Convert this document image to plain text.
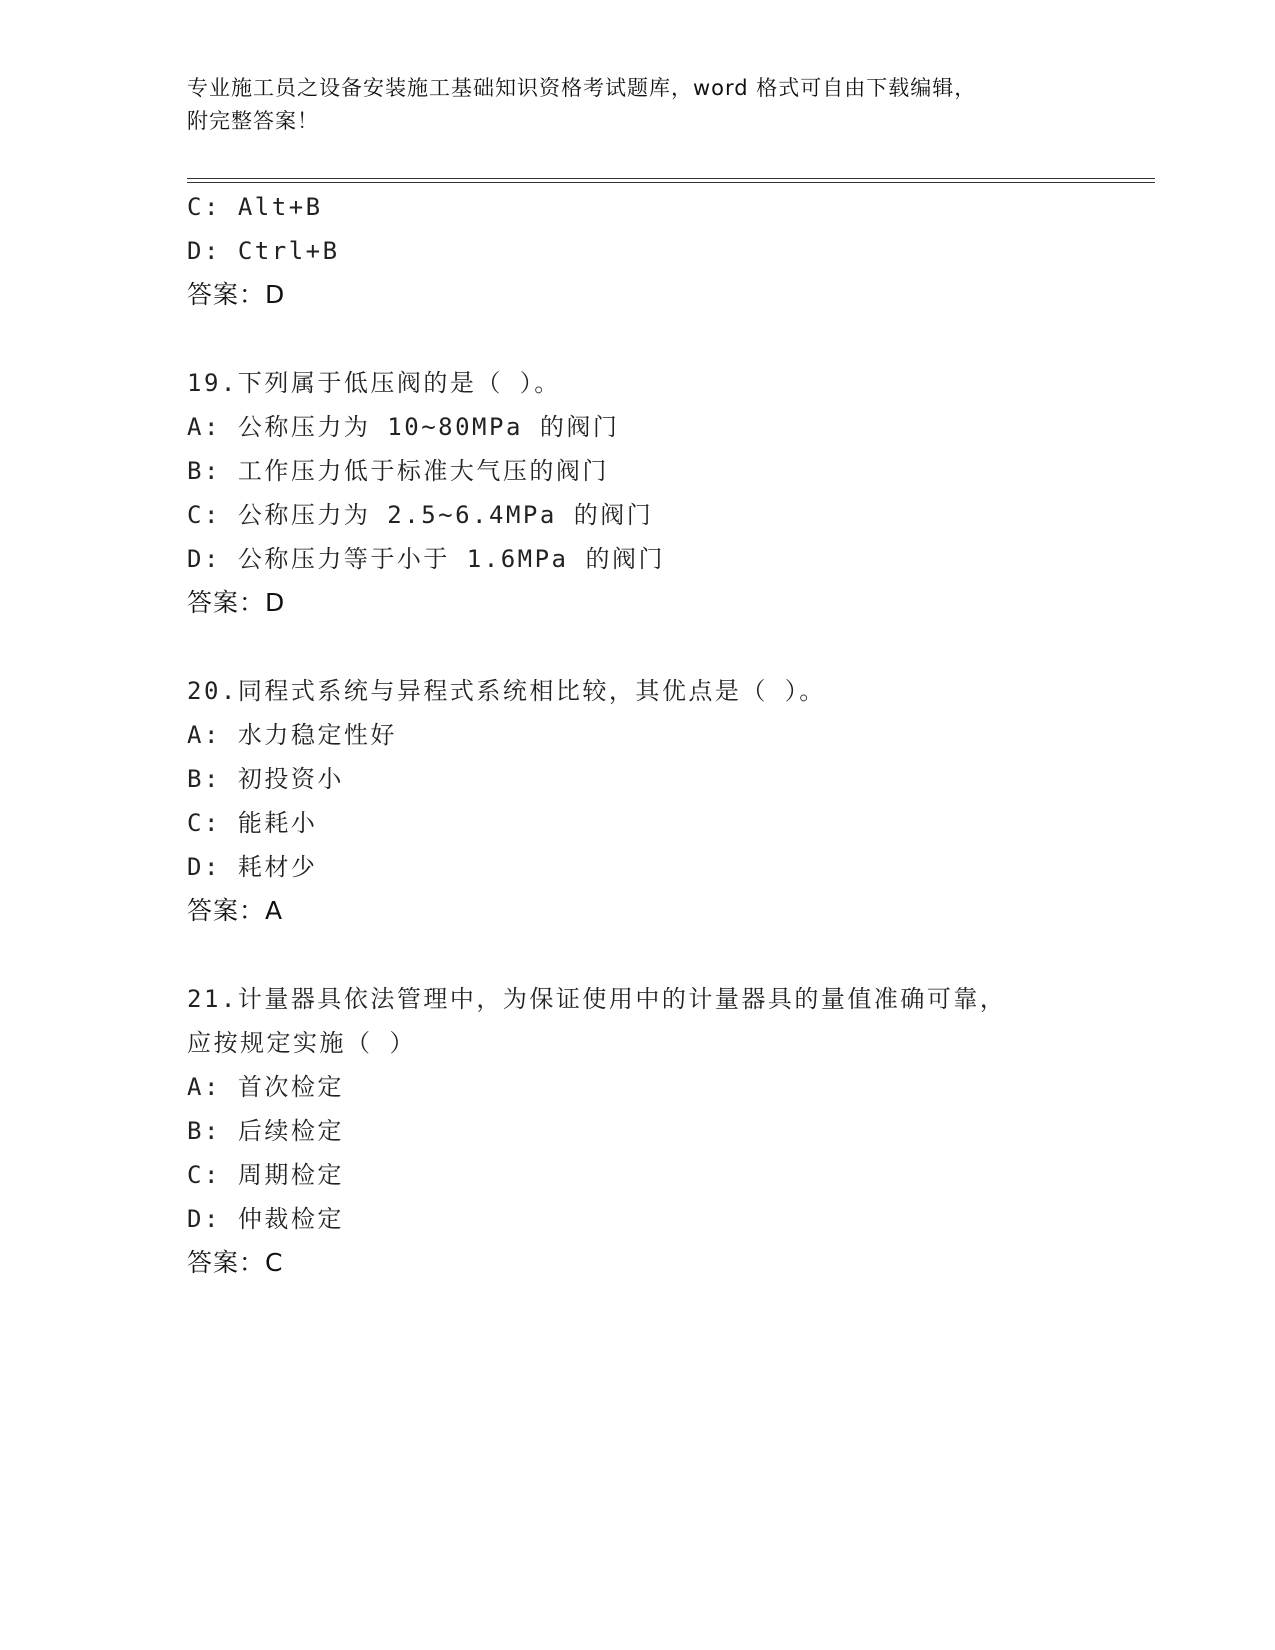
专业施工员之设备安装施工基础知识资格考试题库，word 格式可自由下载编辑，
附完整答案！
C: Alt+B
D: Ctrl+B
答案：D
19.下列属于低压阀的是（ ）。
A: 公称压力为 10~80MPa 的阀门
B: 工作压力低于标准大气压的阀门
C: 公称压力为 2.5~6.4MPa 的阀门
D: 公称压力等于小于 1.6MPa 的阀门
答案：D
20.同程式系统与异程式系统相比较，其优点是（ ）。
A: 水力稳定性好
B: 初投资小
C: 能耗小
D: 耗材少
答案：A
21.计量器具依法管理中，为保证使用中的计量器具的量值准确可靠，
应按规定实施（ ）
A: 首次检定
B: 后续检定
C: 周期检定
D: 仲裁检定
答案：C
